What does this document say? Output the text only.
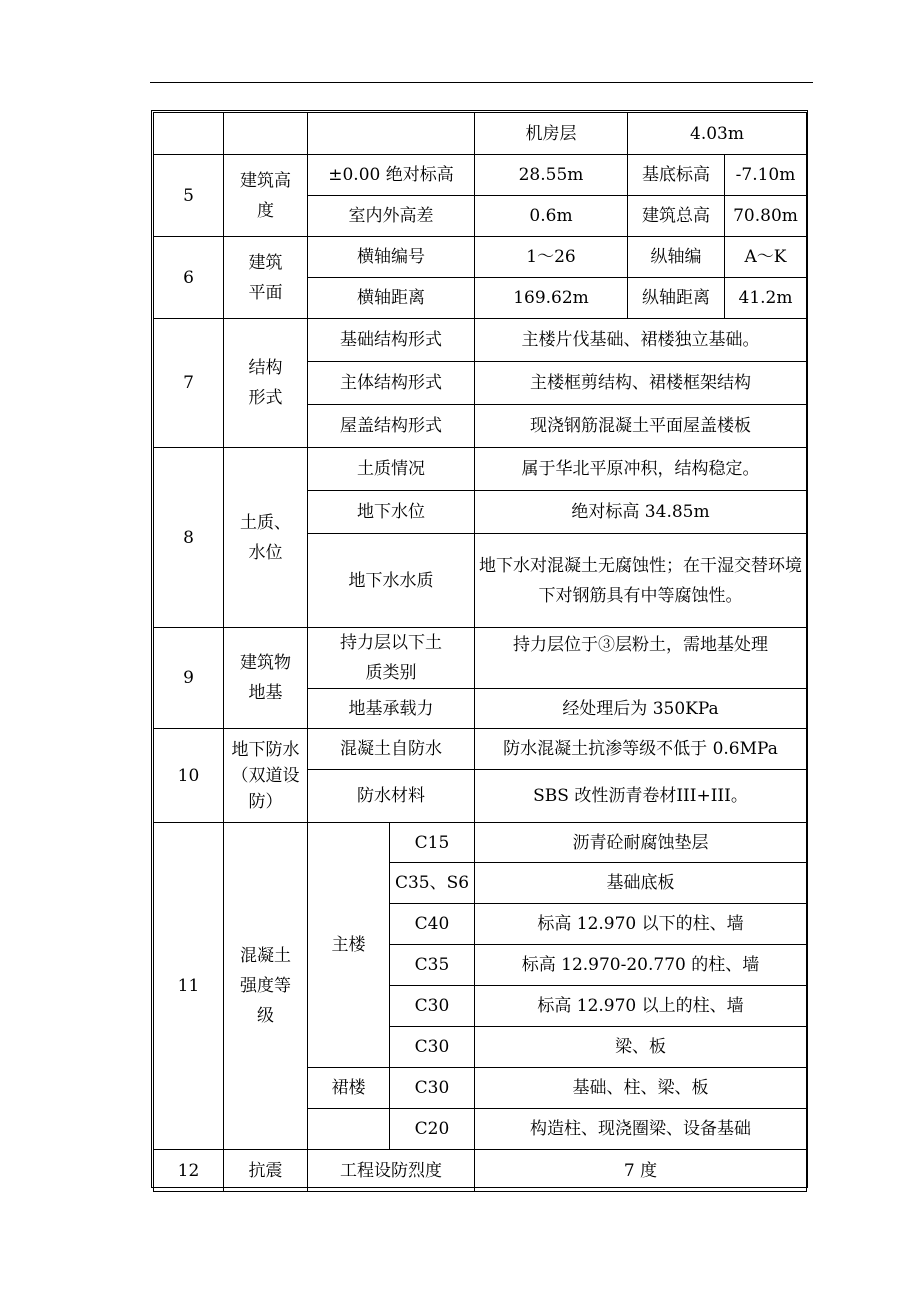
				机房层	4.03m	
5	建筑高度	±0.00 绝对标高		28.55m	基底标高	-7.10m
		室内外高差		0.6m	建筑总高	70.80m
6	建筑平面	横轴编号		1～26	纵轴编	A～K
		横轴距离		169.62m	纵轴距离	41.2m
7	结构形式	基础结构形式		主楼片伐基础、裙楼独立基础。		
		主体结构形式		主楼框剪结构、裙楼框架结构		
		屋盖结构形式		现浇钢筋混凝土平面屋盖楼板		
8	土质、水位	土质情况		属于华北平原冲积，结构稳定。		
		地下水位		绝对标高 34.85m		
		地下水水质		地下水对混凝土无腐蚀性；在干湿交替环境下对钢筋具有中等腐蚀性。		
9	建筑物地基	持力层以下土质类别		持力层位于③层粉土，需地基处理		
		地基承载力		经处理后为 350KPa		
10	地下防水（双道设防）	混凝土自防水		防水混凝土抗渗等级不低于 0.6MPa		
		防水材料		SBS 改性沥青卷材III+III。		
11	混凝土强度等级	主楼	C15	沥青砼耐腐蚀垫层		
			C35、S6	基础底板		
			C40	标高 12.970 以下的柱、墙		
			C35	标高 12.970-20.770 的柱、墙		
			C30	标高 12.970 以上的柱、墙		
			C30	梁、板		
		裙楼	C30	基础、柱、梁、板		
			C20	构造柱、现浇圈梁、设备基础		
12	抗震	工程设防烈度		7 度		
